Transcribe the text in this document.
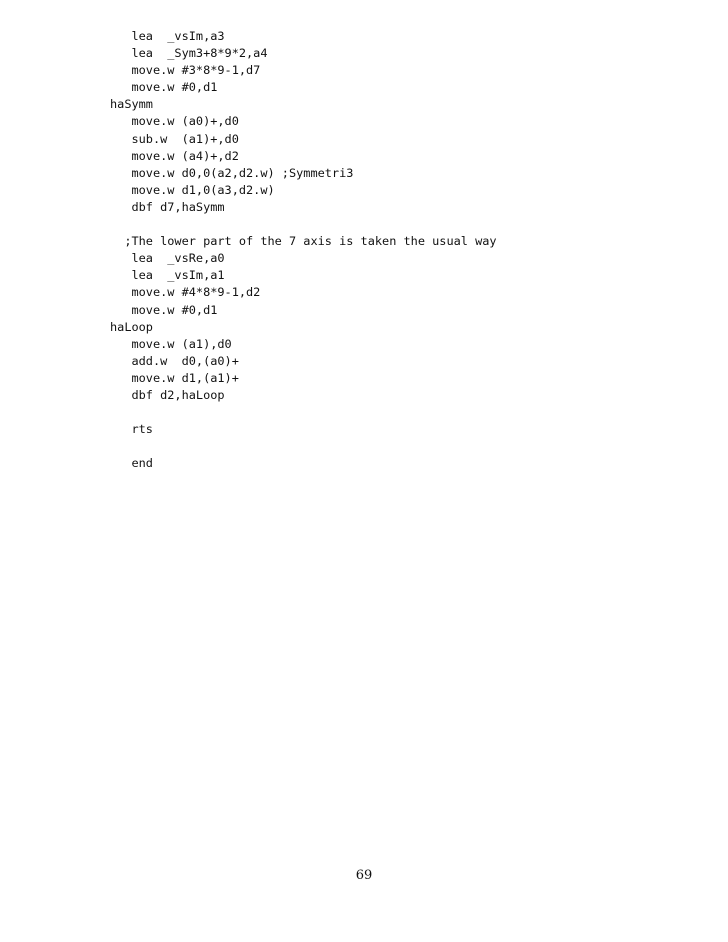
lea  _vsIm,a3
lea  _Sym3+8*9*2,a4
move.w #3*8*9-1,d7
move.w #0,d1
haSymm
move.w (a0)+,d0
sub.w  (a1)+,d0
move.w (a4)+,d2
move.w d0,0(a2,d2.w) ;Symmetri3
move.w d1,0(a3,d2.w)
dbf d7,haSymm
;The lower part of the 7 axis is taken the usual way
lea  _vsRe,a0
lea  _vsIm,a1
move.w #4*8*9-1,d2
move.w #0,d1
haLoop
move.w (a1),d0
add.w  d0,(a0)+
move.w d1,(a1)+
dbf d2,haLoop
rts
end
69
